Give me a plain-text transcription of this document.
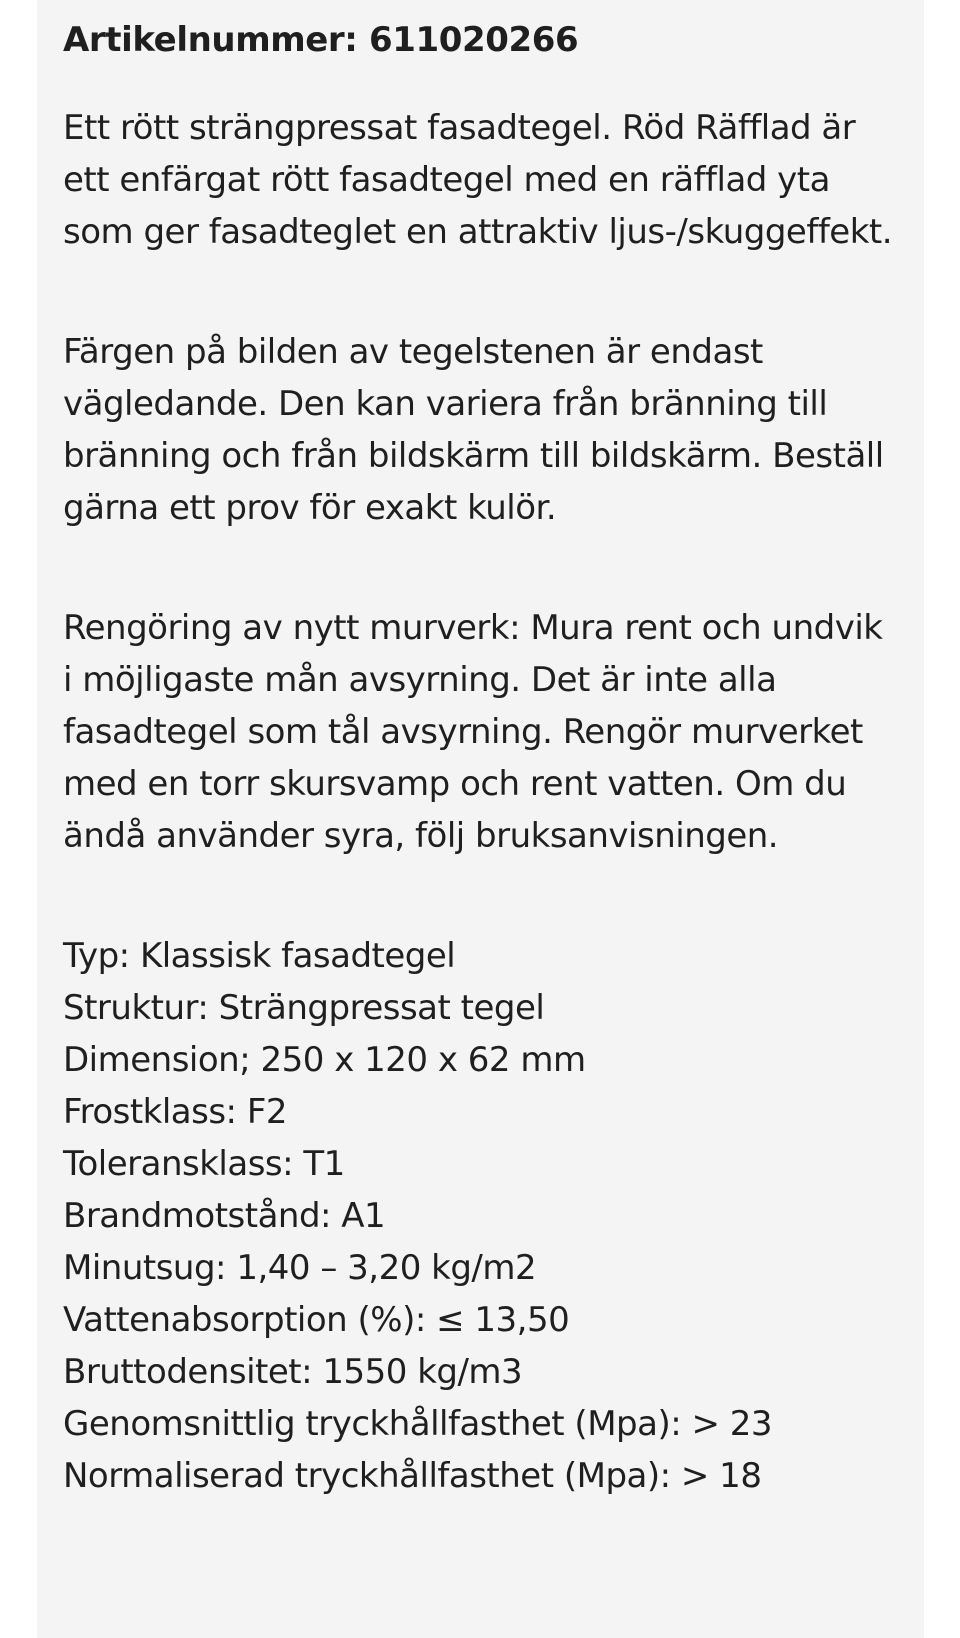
Artikelnummer: 611020266

Ett rött strängpressat fasadtegel. Röd Räfflad är ett enfärgat rött fasadtegel med en räfflad yta som ger fasadteglet en attraktiv ljus-/skuggeffekt.

Färgen på bilden av tegelstenen är endast vägledande. Den kan variera från bränning till bränning och från bildskärm till bildskärm. Beställ gärna ett prov för exakt kulör.

Rengöring av nytt murverk: Mura rent och undvik i möjligaste mån avsyrning. Det är inte alla fasadtegel som tål avsyrning. Rengör murverket med en torr skursvamp och rent vatten. Om du ändå använder syra, följ bruksanvisningen.

Typ: Klassisk fasadtegel
Struktur: Strängpressat tegel
Dimension; 250 x 120 x 62 mm
Frostklass: F2
Toleransklass: T1
Brandmotstånd: A1
Minutsug: 1,40 – 3,20 kg/m2
Vattenabsorption (%): ≤ 13,50
Bruttodensitet: 1550 kg/m3
Genomsnittlig tryckhållfasthet (Mpa): > 23
Normaliserad tryckhållfasthet (Mpa): > 18
